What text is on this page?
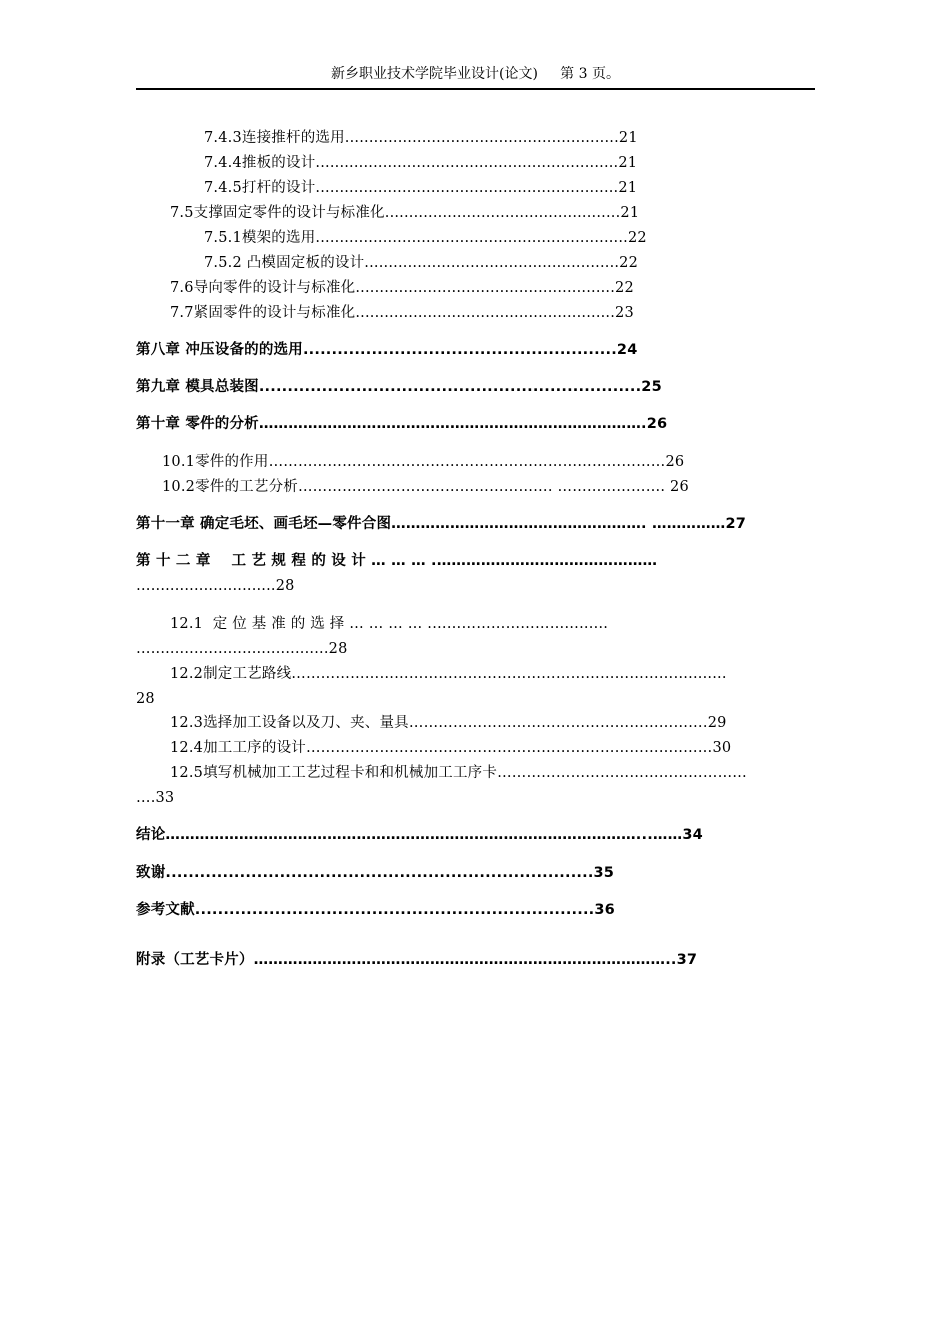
新乡职业技术学院毕业设计(论文)     第 3 页。
7.4.3连接推杆的选用.........................................................21
7.4.4推板的设计...............................................................21
7.4.5打杆的设计...............................................................21
7.5支撑固定零件的设计与标准化.................................................21
7.5.1模架的选用.................................................................22
7.5.2 凸模固定板的设计.....................................................22
7.6导向零件的设计与标准化......................................................22
7.7紧固零件的设计与标准化......................................................23
第八章 冲压设备的的选用.......................................................24
第九章 模具总装图...................................................................25
第十章 零件的分析…………………………………………………………………….26
10.1零件的作用………………………………………………………………………26
10.2零件的工艺分析……………………………………………. …………………. 26
第十一章 确定毛坯、画毛坯—零件合图……………………………………………. ……………27
第 十 二 章    工 艺 规 程 的 设 计 … … … .………………………………………
…..........................28
12.1  定 位 基 准 的 选 择 … … … … .…………………………...…
….....................................28
12.2制定工艺路线………………………………………………………………………........
28
12.3选择加工设备以及刀、夹、量具…………………………………………………….29
12.4加工工序的设计…………………………………………………………………..……30
12.5填写机械加工工艺过程卡和和机械加工工序卡……………………………………………
….33
结论……………………………………………………………………………………...……34
致谢...........................................................................35
参考文献......................................................................36
附录（工艺卡片）…………………………………………………………………………..37
